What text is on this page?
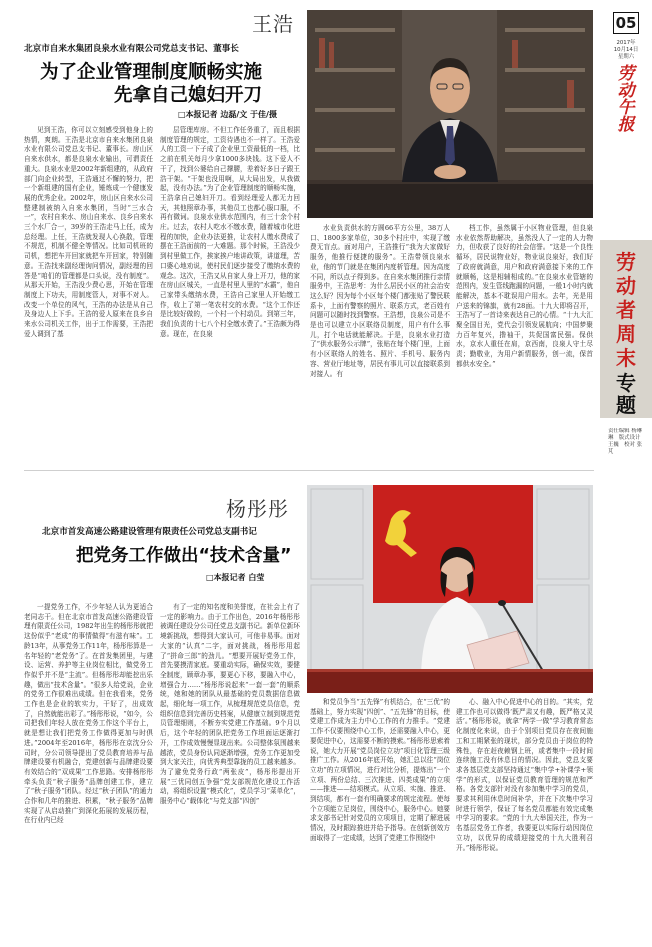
王浩
北京市自来水集团良泉水业有限公司党总支书记、董事长
为了企业管理制度顺畅实施
先拿自己媳妇开刀
□本报记者 边磊/文 于佳/摄
见到王浩，你可以立刻感受到他身上的热情，爽朗。王浩是北京市自来水集团良泉水业有限公司党总支书记、董事长。房山区自来水供水，都是良泉水业输出，可谓责任重大。良泉水业是2002年新组建的，从政府部门向企业转型，王浩通过不懈的努力，把一个新组建的国有企业，锤炼成一个健康发展的优秀企业。2002年，房山区自来水公司整建制被纳入自来水集团，当时“三水合一”，农村自来水、房山自来水、良乡自来水三个水厂合一，39岁的王浩走马上任，成为总经理。上任，王浩就发现人心涣散，管理不规范，机制不健全等情况。比如司机班的司机，想把车开回家就把车开回家，特别随意。王浩找来副经理询问情况，副经理的回答是“咱们的管理都是口头说，没有制度”。从那天开始，王浩没少费心思，开始在管理制度上下功夫，用制度管人，对事不对人。改变一个单位的风气，王浩的办法是从自己及身边人上下手。王浩的爱人原来在良乡自来水公司机关工作，出于工作需要，王浩把爱人调到了基
层管理库房。不但工作任务重了，而且根据制度管理的规定，工资待遇也不一样了。王浩爱人的工资一下子成了企业里工资最低的一档，比之前在机关每月少拿1000多块钱。这下爱人不干了，找到公婆给自己撑腰，差着好多日子跟王浩干架。“干架也没用啊，从大局出发，从我做起，没有办法。”为了企业管理制度的顺畅实施，王浩拿自己媳妇开刀。看到经理爱人都无力回天，其他照章办事，其他员工也都心服口服，不再有微词。良泉水业供水范围内，有三十余个村庄。过去，农村人吃水不缴水费，随着城市化进程的加快，企业办法更推，让农村人缴水费成了摆在王浩面前的一大难题。那个时候，王浩没少到村里做工作，挨家挨户地讲政策，讲道理，苦口婆心地劝说，使村民们逐步接受了缴纳水费的观念。这次，王浩又从自家人身上开刀，他的家在房山区城关，一直是村里人里的“水霸”，他自己家带头缴纳水费，王浩自己家里人开始缴工作，收上了第一笔农村交的水费。“这个工作还是比较好做的，一个村一个村动员。到第三年，我们负责的十七八个村全缴水费了。”王浩颇为得意。现在，在良泉
水业负责供水的方圆66平方公里，38万人口、1800多家单位，30多个村庄中，实现了缴费无盲点。面对用户，王浩推行“我为大家做好服务，他推行便捷的服务”。王浩带领良泉水业，他的节门就是在集团内度析管理。因为高度不同，所以点子得到多。在自来水集团推行亲情服务中，王浩思考：为什么居民小区的社会治安这么好？因为每个小区每个楼门都张贴了警民联系卡，上面有警察的照片、联系方式，老百姓有问题可以随时找到警察。王浩想，良泉公司是不是也可以建立小区联络员制度，用户有什么事儿，打个电话就能解决。于是，良泉水业打造了“供水服务公示牌”，张贴在每个楼门里，上面有小区联络人的姓名、照片、手机号、服务内容、营业厅地址等，居民有事儿可以直接联系到对接人。有
档工作，虽然属于小区物业管理，但良泉水业依然帮助解决，虽然没人了一定的人力物力，但收获了良好的社会信誉。“这是一个良性循环，居民说物业好，物业说良泉好，我们好了政府就满意，用户和政府满意接下来的工作就顺畅，这是相辅相成的。”在良泉水业管辖的范围内，发生管线跑漏的问题，一般1小时内就能解决，基本不耽误用户用水。去年，光是用户送来的锦旗，就有28面。十九大即将召开，王浩写了一首诗来表达自己的心情。“十九大汇聚全国目光，党代会引领发展航向；中国梦聚力百年复兴，撸袖干，共促国富民强。保供水，京水人重任在肩，京西南，良泉人守土尽责；勤敬业，为用户新情服务，创一流，保首都供水安全。”
杨彤彤
北京市首发高速公路建设管理有限责任公司党总支副书记
把党务工作做出“技术含量”
□本报记者 白莹
一提党务工作，不少年轻人认为更适合老同志干。但在北京市首发高速公路建设管理有限责任公司，1982年出生的杨彤彤就把这份似乎“老成”的事情做得“有滋有味”。工龄13年，从事党务工作11年，杨彤彤算是一名年轻的“老党务”了。在首发集团里，与建设、运营、养护等主业岗位相比，做党务工作似乎并不是“主流”。但杨彤彤却能挖出乐趣，做出“技术含量”。“很多人给党说，企业的党务工作很难出成绩。但在我看来，党务工作也是企业的软实力，干好了，出成效了，自然就能出彩了。”杨彤彤说，“如今，公司把我们年轻人放在党务工作这个平台上，就是想让我们把党务工作做得更加与时俱进。”2004年至2016年，杨彤彤在京沈分公司时，分公司领导提出了党员教育培养与品牌建设要有机融合，党建创新与品牌建设要有效结合的“双成果”工作思路。安排杨彤彤牵头负责“秋子服务”品牌创建工作，建立了“秋子服务”团队。经过“秋子团队”的通力合作和几年的推进、积累，“秋子服务”品牌实现了从启动推广到深化拓展的发展历程，在行业内已经
有了一定的知名度和美誉度，在社会上有了一定的影响力。由于工作出色，2016年杨彤彤被调任建设分公司任党总支副书记。新单位新环境新挑战，想得到大家认可，可他非易事。面对大家的“认真”二字，面对挑战，杨彤彤用起了“拼命三郎”的劲儿。“想要开展好党务工作，首先要摸清家底。要重动实际，确保实效，要健全制度，顾章办事，要更心下移，要融入中心，增强合力……”杨彤彤说起来“一套一套”的顺系统，她和她的团队从最基础的党员数据信息做起，细化每一项工作，从梳理规范党员信息，党组织信息到完善历史档案，从健康立制到规范党员管理细则，不断夯实党建工作基础。9个月以后，这个年轻的团队把党务工作坦面运逐渐打开，工作成效慢慢显现出来。公司整体氛围越来越浓，党员身份认同逐渐增强，党务工作更加受到大家关注，向优秀典型靠拢的员工越来越多。为了避免党务行政“两张皮”，杨彤彤提出开展“三优同创五争强”党支部规范化建设工作活动，将组织设置“模式化”，党员学习“菜单化”，服务中心“载体化”与党支部“四创”
和党员争当“五先锋”有机结合，在“三优”的基础上，努力实现“四创”、“五先锋”的目标，使党建工作成为主力中心工作的有力推手。“党建工作不仅要围绕中心工作，还需要融入中心，更要促进中心，这需要不断的摸索。”杨彤彤思索着说，她大力开展“党员岗位立功”项目化管理三级推广工作。从2016年底开始，她汇总以往“岗位立功”的立项情况，进行对比分析，提炼出“一个立项、两份总结、三次推进、四类成果”的立项——推进——结项模式。从立项、实施、推进、到结项，都有一套有明确要求的规定流程。使每个立项能立足岗位，围绕中心，服务中心。她要求支部书记针对党员的立项项目，定期了解进展情况，及时跟踪推进并给予指导。在创新创效方面取得了一定成绩，达到了党建工作围绕中
心、融入中心促进中心的目的。“其实，党建工作也可以做得‘既严肃又有趣，既严格又灵活’。”杨彤彤说，就拿“两学一做”学习教育常态化制度化来说，由于个别项目党员存在夜间施工和工期紧张的现状，部分党员由于岗位的特殊性，存在赶夜赖钢上班，或者集中一段时间连续施工没有休息日的情况。因此，党总支要求各基层党支部坚持通过“集中学+补课学+领学”的形式，以保证党员教育管理的规范和严格。各党支部针对没有参加集中学习的党员，要求其利用休息时间补学，并在下次集中学习时进行领学，保证了每名党员都能有效完成集中学习的要求。“党的十九大举国关注，作为一名基层党务工作者，我要更以实际行动因岗位立功，以优异的成绩迎接党的十九大胜利召开。”杨彤彤说。
05
2017年
10月14日
星期六
劳动午报
劳动者周末
专题
责任编辑 杨琳琳　版式设计 王巍　校对 张芃
